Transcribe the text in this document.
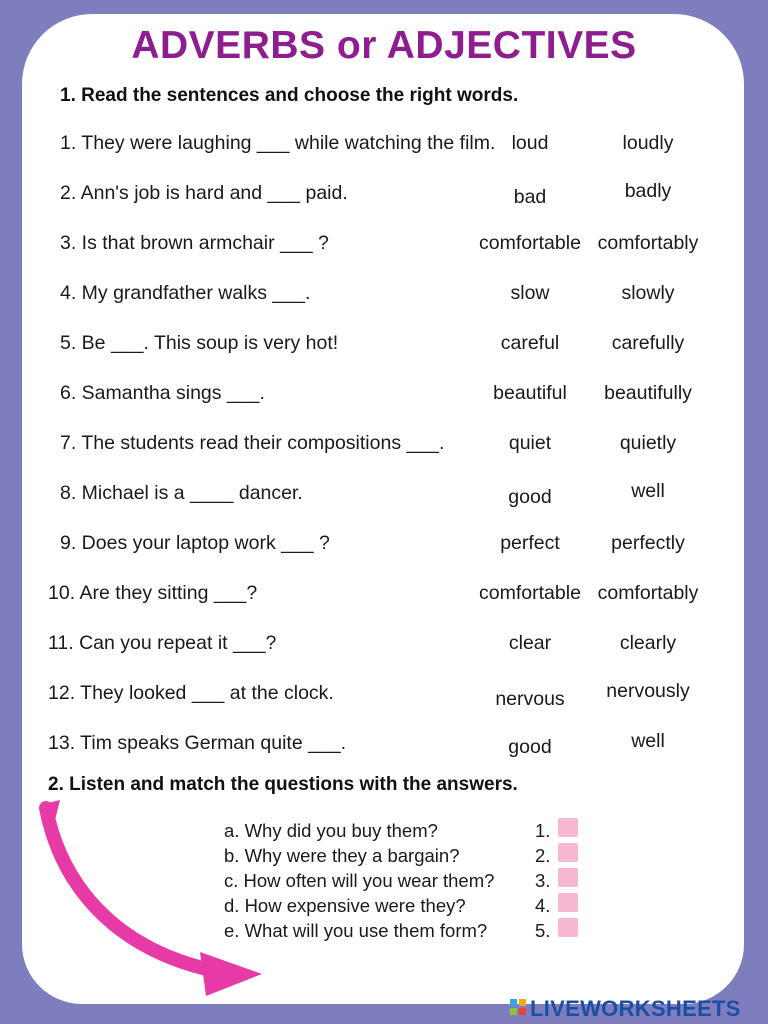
ADVERBS or ADJECTIVES
1. Read the sentences and choose the right words.
1. They were laughing ___ while watching the film. loud	loudly
2. Ann's job is hard and ___ paid.	bad	badly
3. Is that brown armchair ___ ?	comfortable comfortably
4. My grandfather walks ___.	slow	slowly
5. Be ___. This soup is very hot!	careful	carefully
6. Samantha sings ___.	beautiful	beautifully
7. The students read their compositions ___.	quiet	quietly
8. Michael is a ____ dancer.	good	well
9. Does your laptop work ___ ?	perfect	perfectly
10. Are they sitting ___?	comfortable comfortably
11. Can you repeat it ___?	clear	clearly
12. They looked ___ at the clock.	nervous	nervously
13. Tim speaks German quite ___.	good	well
2. Listen and match the questions with the answers.
a. Why did you buy them?	1.
b. Why were they a bargain?	2.
c. How often will you wear them? 3.
d. How expensive were they?	4.
e. What will you use them form?	5.
LIVEWORKSHEETS
